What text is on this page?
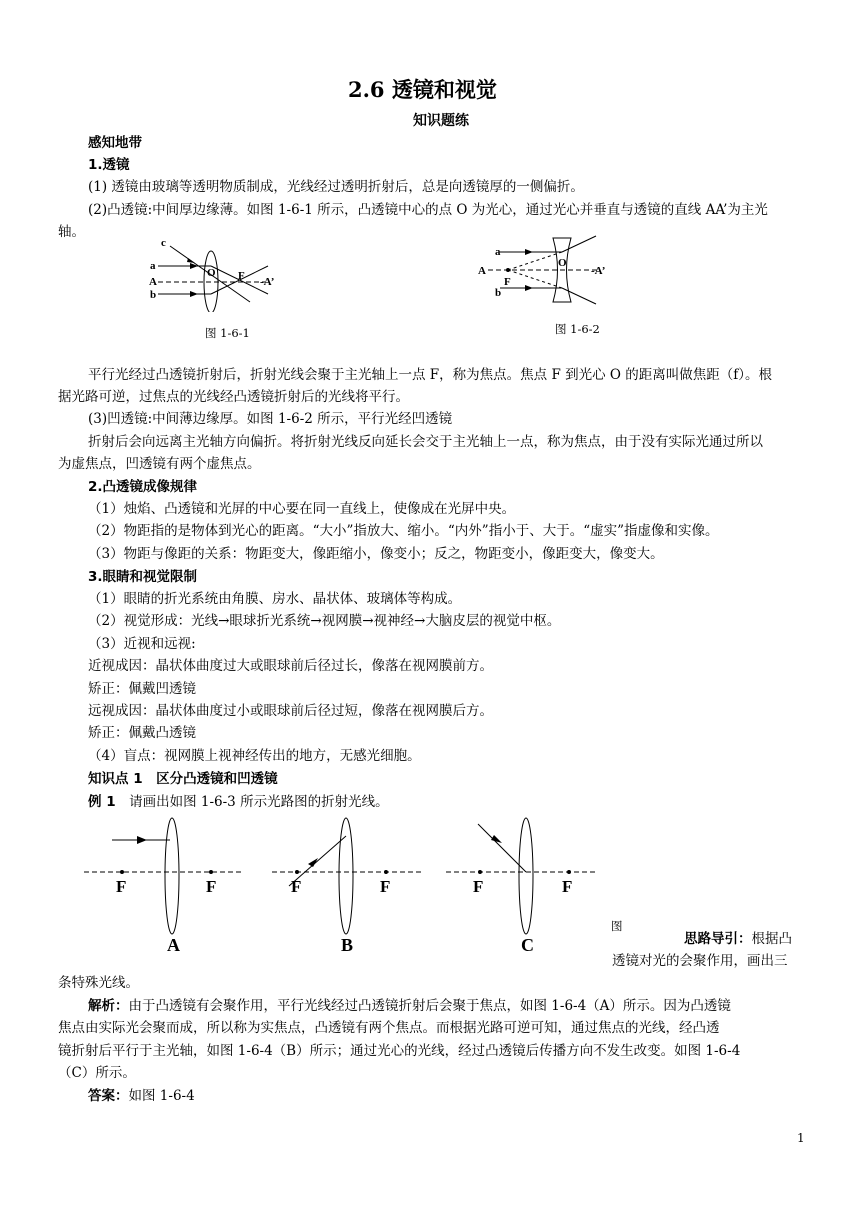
2.6 透镜和视觉
知识题练
感知地带
1.透镜
(1) 透镜由玻璃等透明物质制成，光线经过透明折射后，总是向透镜厚的一侧偏折。
(2)凸透镜:中间厚边缘薄。如图 1-6-1 所示，凸透镜中心的点 O 为光心，通过光心并垂直与透镜的直线 AA’为主光
轴。
c
a
A
b
O F -A’
图 1-6-1
a
A
F
b
O
-A’
图 1-6-2
平行光经过凸透镜折射后，折射光线会聚于主光轴上一点 F，称为焦点。焦点 F 到光心 O 的距离叫做焦距（f）。根
据光路可逆，过焦点的光线经凸透镜折射后的光线将平行。
(3)凹透镜:中间薄边缘厚。如图 1-6-2 所示，平行光经凹透镜
折射后会向远离主光轴方向偏折。将折射光线反向延长会交于主光轴上一点，称为焦点，由于没有实际光通过所以
为虚焦点，凹透镜有两个虚焦点。
2.凸透镜成像规律
（1）烛焰、凸透镜和光屏的中心要在同一直线上，使像成在光屏中央。
（2）物距指的是物体到光心的距离。“大小”指放大、缩小。“内外”指小于、大于。“虚实”指虚像和实像。
（3）物距与像距的关系：物距变大，像距缩小，像变小；反之，物距变小，像距变大，像变大。
3.眼睛和视觉限制
（1）眼睛的折光系统由角膜、房水、晶状体、玻璃体等构成。
（2）视觉形成：光线→眼球折光系统→视网膜→视神经→大脑皮层的视觉中枢。
（3）近视和远视:
近视成因：晶状体曲度过大或眼球前后径过长，像落在视网膜前方。
矫正：佩戴凹透镜
远视成因：晶状体曲度过小或眼球前后径过短，像落在视网膜后方。
矫正：佩戴凸透镜
（4）盲点：视网膜上视神经传出的地方，无感光细胞。
知识点 1　区分凸透镜和凹透镜
例 1　请画出如图 1-6-3 所示光路图的折射光线。
F	F
A
F	F
B
F	F
C
图
思路导引：根据凸
透镜对光的会聚作用，画出三
条特殊光线。
解析：由于凸透镜有会聚作用，平行光线经过凸透镜折射后会聚于焦点，如图 1-6-4（A）所示。因为凸透镜
焦点由实际光会聚而成，所以称为实焦点，凸透镜有两个焦点。而根据光路可逆可知，通过焦点的光线，经凸透
镜折射后平行于主光轴，如图 1-6-4（B）所示；通过光心的光线，经过凸透镜后传播方向不发生改变。如图 1-6-4
（C）所示。
答案：如图 1-6-4
1
